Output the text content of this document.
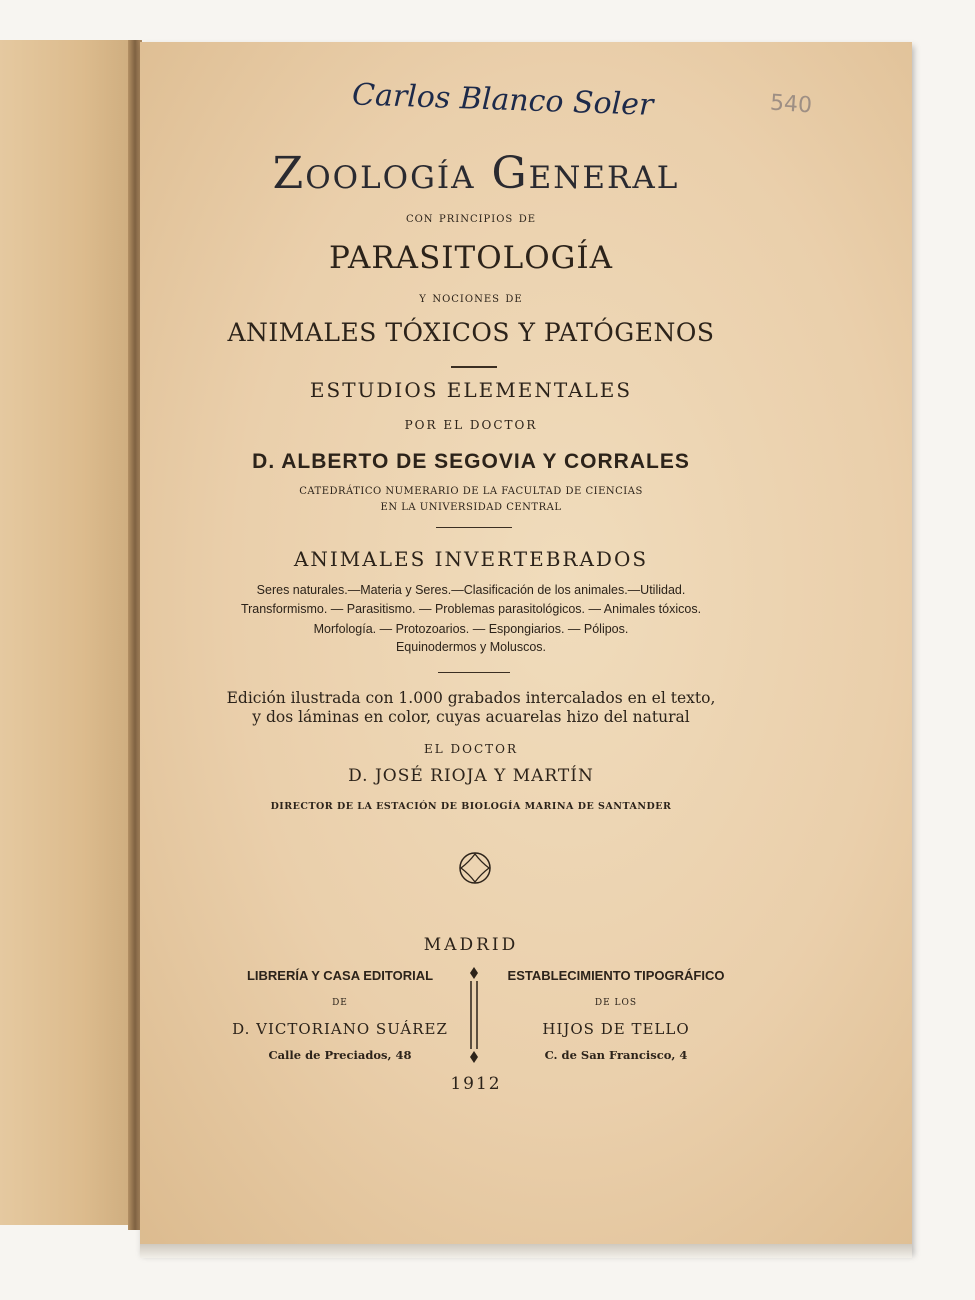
Carlos Blanco Soler	540
Zoología General
con principios de
PARASITOLOGÍA
y nociones de
ANIMALES TÓXICOS Y PATÓGENOS
ESTUDIOS ELEMENTALES
POR EL DOCTOR
D. ALBERTO DE SEGOVIA Y CORRALES
CATEDRÁTICO NUMERARIO DE LA FACULTAD DE CIENCIAS
EN LA UNIVERSIDAD CENTRAL
ANIMALES INVERTEBRADOS
Seres naturales.—Materia y Seres.—Clasificación de los animales.—Utilidad.
Transformismo. — Parasitismo. — Problemas parasitológicos. — Animales tóxicos.
Morfología. — Protozoarios. — Espongiarios. — Pólipos.
Equinodermos y Moluscos.
Edición ilustrada con 1.000 grabados intercalados en el texto,
y dos láminas en color, cuyas acuarelas hizo del natural
EL DOCTOR
D. JOSÉ RIOJA Y MARTÍN
DIRECTOR DE LA ESTACIÓN DE BIOLOGÍA MARINA DE SANTANDER
MADRID
LIBRERÍA Y CASA EDITORIAL
DE
D. VICTORIANO SUÁREZ
Calle de Preciados, 48
ESTABLECIMIENTO TIPOGRÁFICO
DE LOS
HIJOS DE TELLO
C. de San Francisco, 4
1912
